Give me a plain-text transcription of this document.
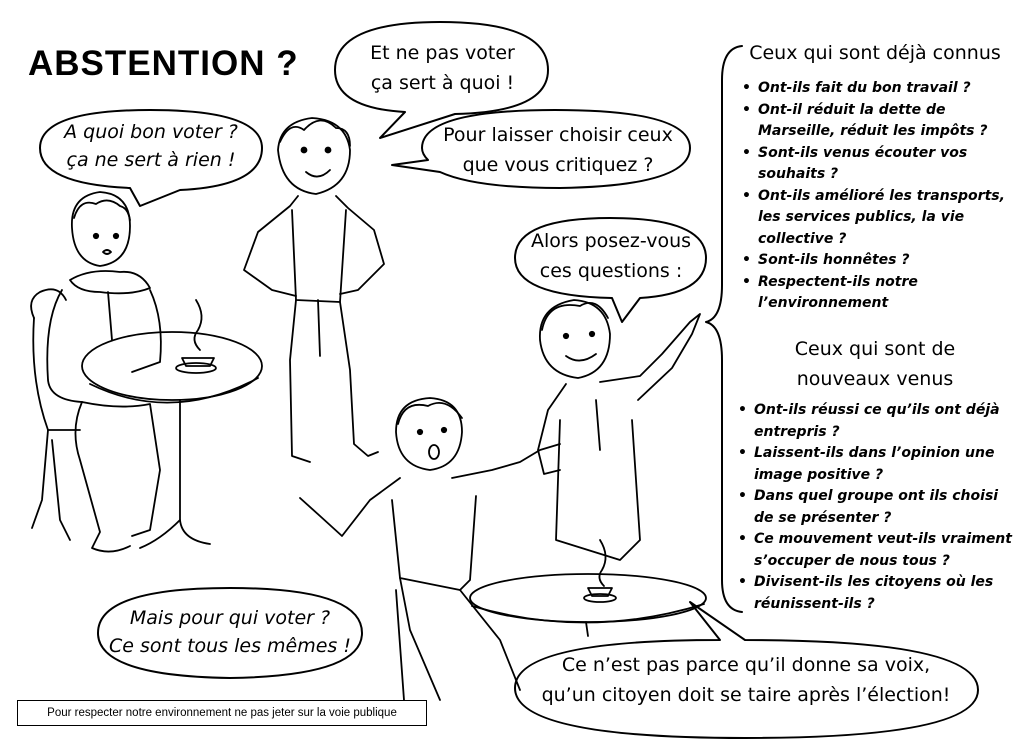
ABSTENTION ?	Et ne pas voter
ça sert à quoi !
A quoi bon voter ?
ça ne sert à rien !
Pour laisser choisir ceux
que vous critiquez ?
Alors posez-vous
ces questions :
Mais pour qui voter ?
Ce sont tous les mêmes !
Ce n’est pas parce qu’il donne sa voix,
qu’un citoyen doit se taire après l’élection!
Ceux qui sont déjà connus
• Ont-ils fait du bon travail ?
• Ont-il réduit la dette de
Marseille, réduit les impôts ?
• Sont-ils venus écouter vos
souhaits ?
• Ont-ils amélioré les transports,
les services publics, la vie
collective ?
• Sont-ils honnêtes ?
• Respectent-ils notre
l’environnement
Ceux qui sont de
nouveaux venus
• Ont-ils réussi ce qu’ils ont déjà
entrepris ?
• Laissent-ils dans l’opinion une
image positive ?
• Dans quel groupe ont ils choisi
de se présenter ?
• Ce mouvement veut-ils vraiment
s’occuper de nous tous ?
• Divisent-ils les citoyens où les
réunissent-ils ?
Pour respecter notre environnement ne pas jeter sur la voie publique
